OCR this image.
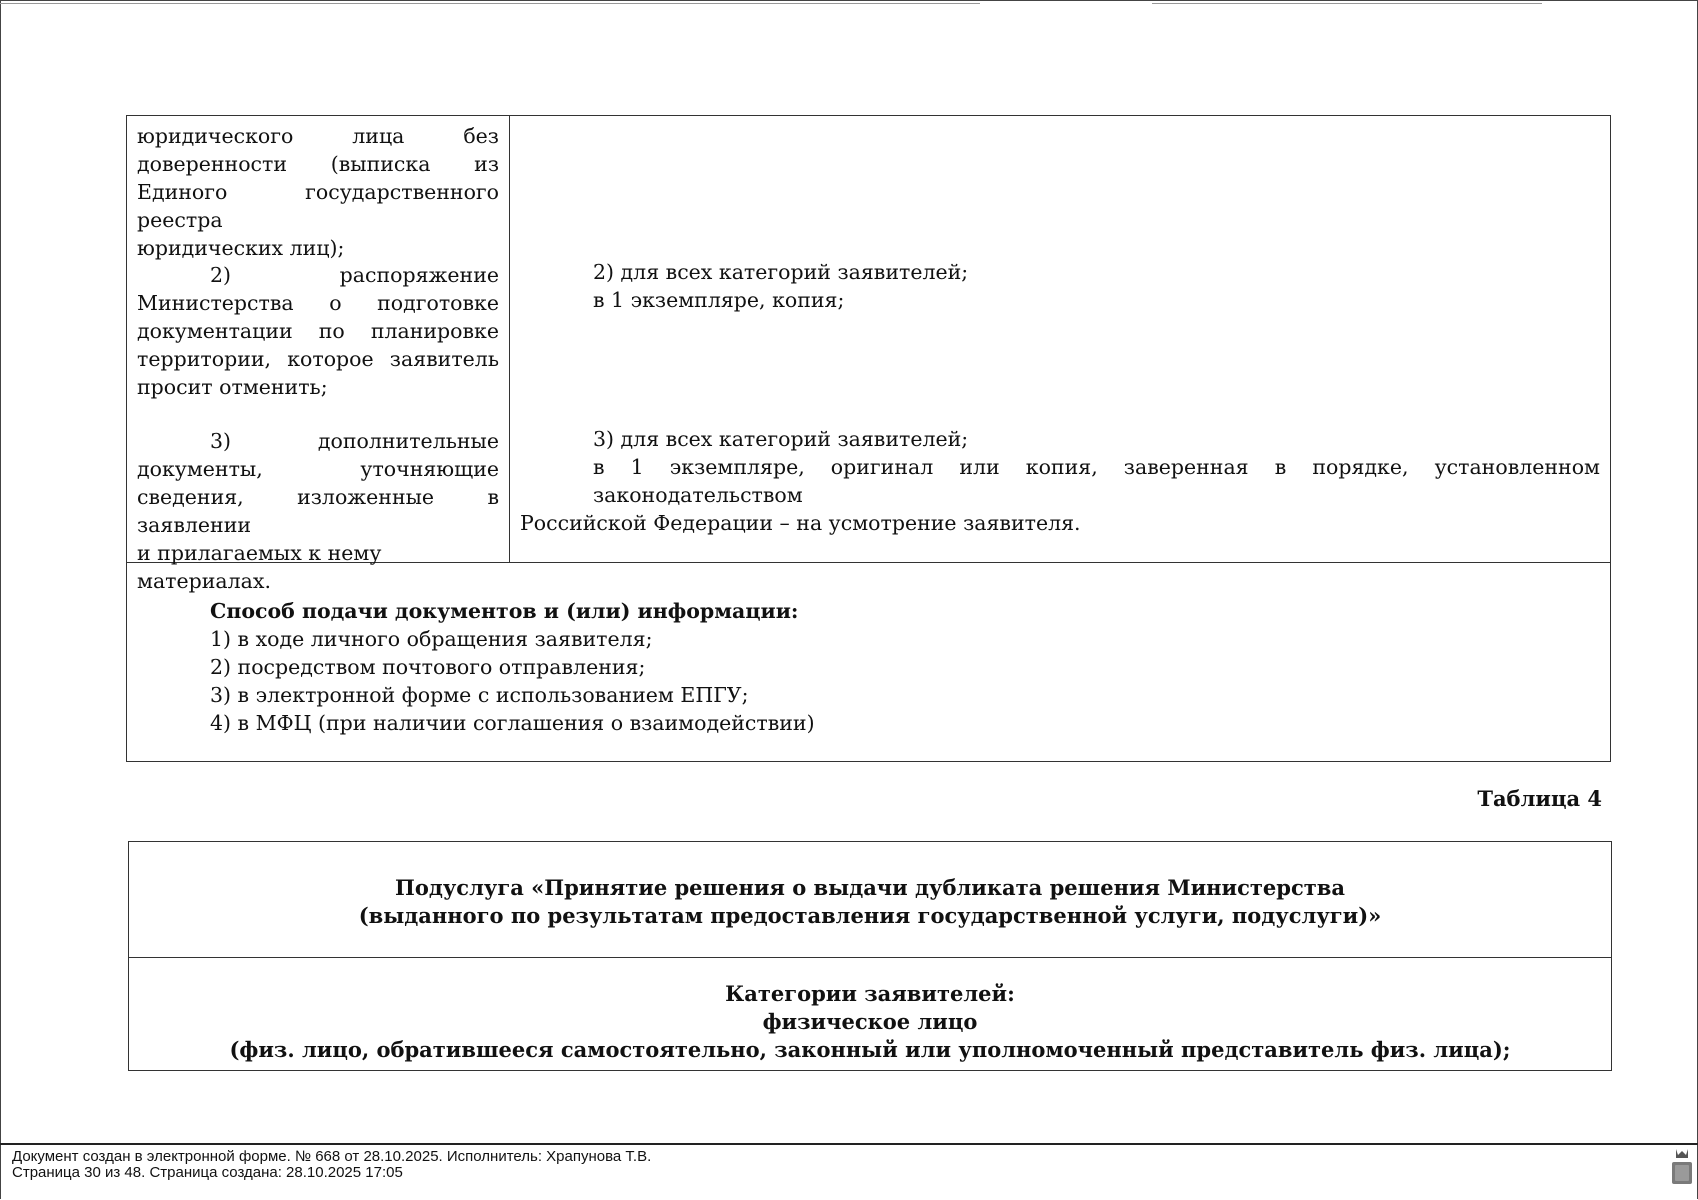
юридического лица без
доверенности (выписка из
Единого государственного реестра
юридических лиц);
2) распоряжение
Министерства о подготовке
документации по планировке
территории, которое заявитель
просит отменить;
3) дополнительные
документы, уточняющие
сведения, изложенные в заявлении
и прилагаемых к нему материалах.
2) для всех категорий заявителей;
в 1 экземпляре, копия;
3) для всех категорий заявителей;
в 1 экземпляре, оригинал или копия, заверенная в порядке, установленном законодательством
Российской Федерации – на усмотрение заявителя.
Способ подачи документов и (или) информации:
1) в ходе личного обращения заявителя;
2) посредством почтового отправления;
3) в электронной форме с использованием ЕПГУ;
4) в МФЦ (при наличии соглашения о взаимодействии)
Таблица 4
Подуслуга «Принятие решения о выдачи дубликата решения Министерства
(выданного по результатам предоставления государственной услуги, подуслуги)»
Категории заявителей:
физическое лицо
(физ. лицо, обратившееся самостоятельно, законный или уполномоченный представитель физ. лица);
Документ создан в электронной форме. № 668 от 28.10.2025. Исполнитель: Храпунова Т.В.
Страница 30 из 48. Страница создана: 28.10.2025 17:05
